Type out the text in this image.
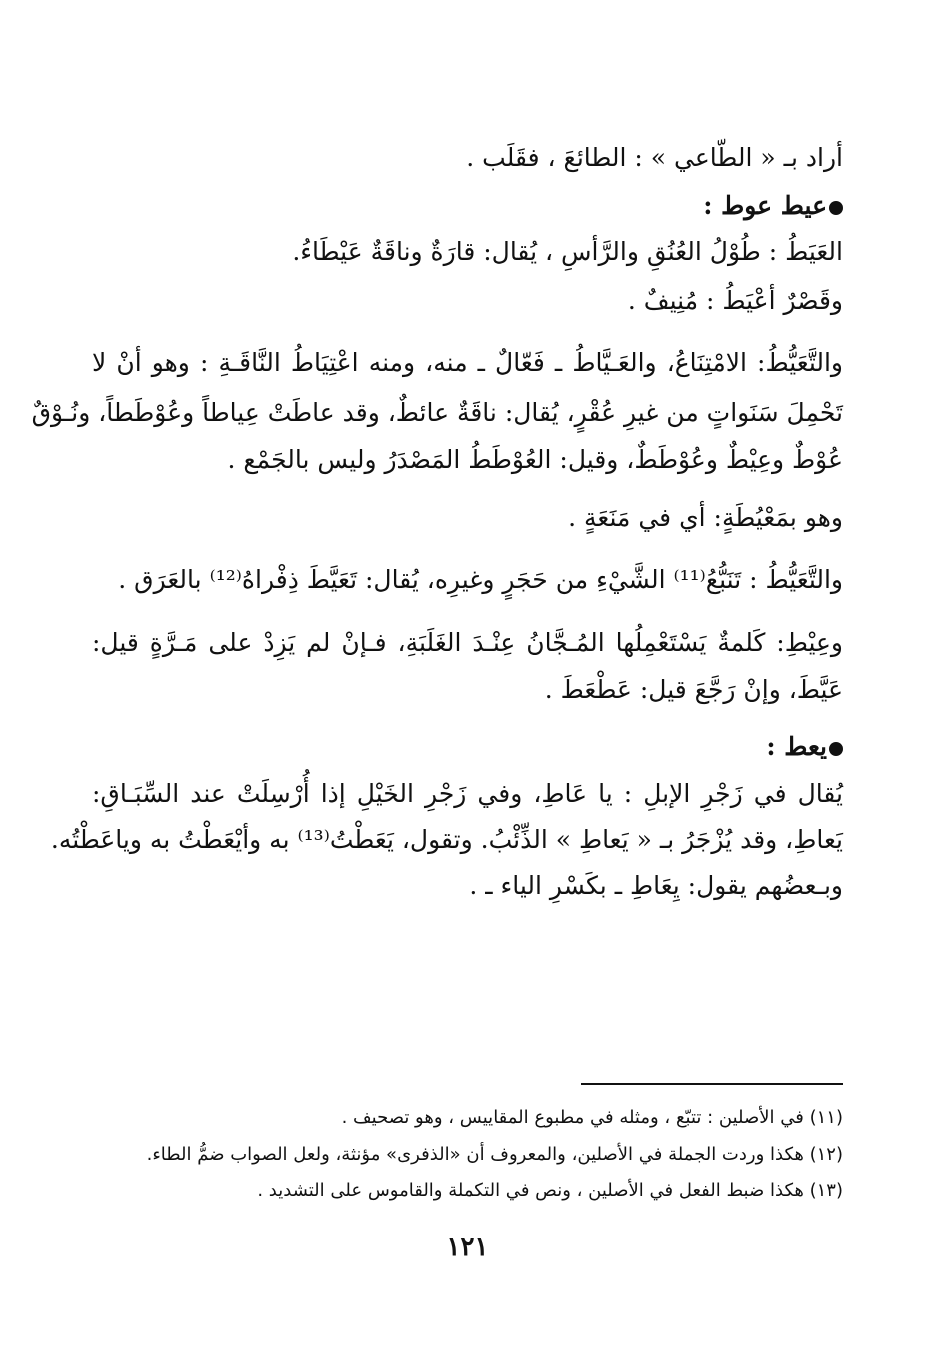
أراد بـ « الطّاعي » : الطائعَ ، فقَلَب .
عيط عوط :
العَيَطُ : طُوْلُ العُنُقِ والرَّأسِ ، يُقال: قارَةٌ وناقَةٌ عَيْطَاءُ.
وقَصْرٌ أعْيَطُ : مُنِيفٌ .
والتَّعَيُّطُ: الامْتِنَاعُ، والعَـيَّاطُ ـ فَعّالٌ ـ منه، ومنه اعْتِيَاطُ النَّاقَـةِ : وهو أنْ لا
تَحْمِلَ سَنَواتٍ من غيرِ عُقْرٍ، يُقال: ناقَةٌ عائطٌ، وقد عاطَتْ عِياطاً وعُوْطَطاً، ونُـوْقٌ
عُوْطٌ وعِيْطٌ وعُوْطَطٌ، وقيل: العُوْطَطُ المَصْدَرُ وليس بالجَمْع .
وهو بمَعْيُطَةٍ: أي في مَنَعَةٍ .
والتَّعَيُّطُ : تَنَبُّعُ⁽¹¹⁾ الشَّيْءِ من حَجَرٍ وغيرِه، يُقال: تَعَيَّطَ ذِفْراهُ⁽¹²⁾ بالعَرَق .
وعِيْطِ: كَلمةٌ يَسْتَعْمِلُها المُـجَّانُ عِنْـدَ الغَلَبَةِ، فـإنْ لم يَزِدْ على مَـرَّةٍ قيل:
عَيَّطَ، وإنْ رَجَّعَ قيل: عَطْعَطَ .
يعط :
يُقال في زَجْرِ الإبلِ : يا عَاطِ، وفي زَجْرِ الخَيْلِ إذا أُرْسِلَتْ عند السِّبَـاقِ:
يَعاطِ، وقد يُزْجَرُ بـ « يَعاطِ » الذِّئْبُ. وتقول، يَعَطْتُ⁽¹³⁾ به وأيْعَطْتُ به وياعَطْتُه.
وبـعضُهم يقول: يِعَاطِ ـ بكَسْرِ الياء ـ .
(١١) في الأصلين : تتبّع ، ومثله في مطبوع المقاييس ، وهو تصحيف .
(١٢) هكذا وردت الجملة في الأصلين، والمعروف أن «الذفرى» مؤنثة، ولعل الصواب ضمُّ الطاء.
(١٣) هكذا ضبط الفعل في الأصلين ، ونص في التكملة والقاموس على التشديد .
١٢١
